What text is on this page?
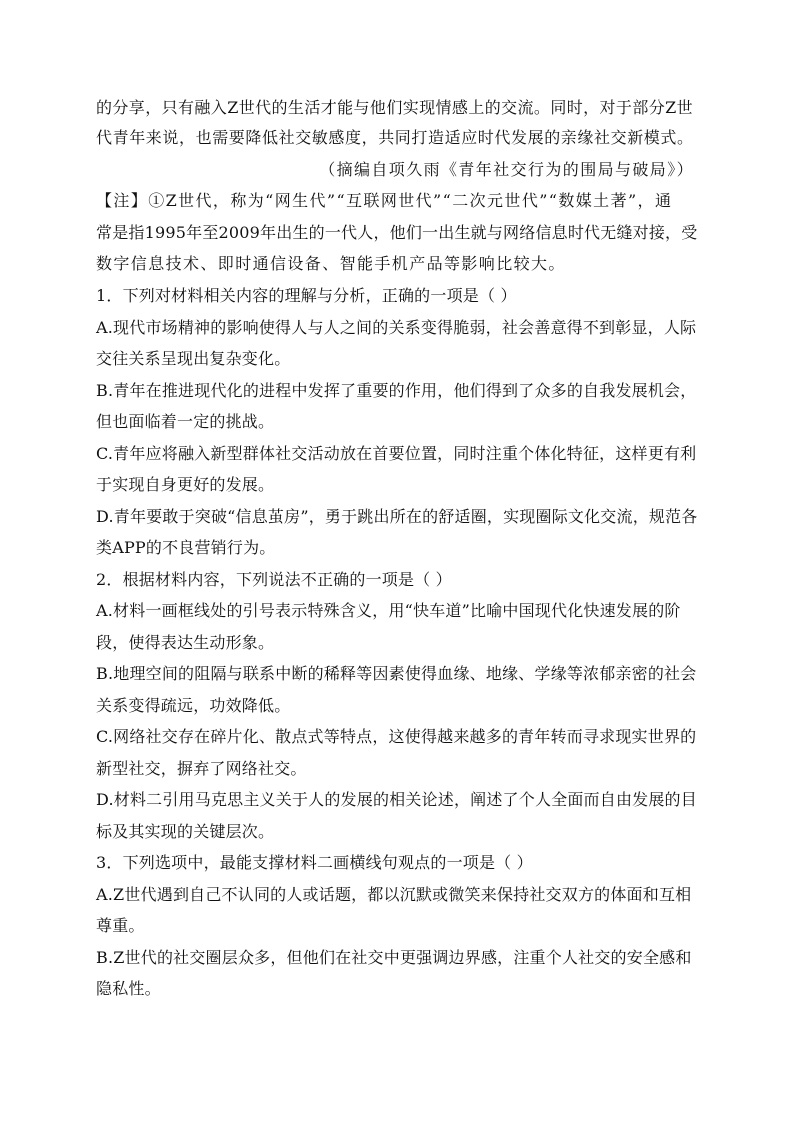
的分享，只有融入Z世代的生活才能与他们实现情感上的交流。同时，对于部分Z世
代青年来说，也需要降低社交敏感度，共同打造适应时代发展的亲缘社交新模式。
（摘编自项久雨《青年社交行为的围局与破局》）
【注】①Z世代，称为“网生代”“互联网世代”“二次元世代”“数媒土著”，通
常是指1995年至2009年出生的一代人，他们一出生就与网络信息时代无缝对接，受
数字信息技术、即时通信设备、智能手机产品等影响比较大。
1．下列对材料相关内容的理解与分析，正确的一项是（ ）
A.现代市场精神的影响使得人与人之间的关系变得脆弱，社会善意得不到彰显，人际
交往关系呈现出复杂变化。
B.青年在推进现代化的进程中发挥了重要的作用，他们得到了众多的自我发展机会，
但也面临着一定的挑战。
C.青年应将融入新型群体社交活动放在首要位置，同时注重个体化特征，这样更有利
于实现自身更好的发展。
D.青年要敢于突破“信息茧房”，勇于跳出所在的舒适圈，实现圈际文化交流，规范各
类APP的不良营销行为。
2．根据材料内容，下列说法不正确的一项是（ ）
A.材料一画框线处的引号表示特殊含义，用“快车道”比喻中国现代化快速发展的阶
段，使得表达生动形象。
B.地理空间的阻隔与联系中断的稀释等因素使得血缘、地缘、学缘等浓郁亲密的社会
关系变得疏远，功效降低。
C.网络社交存在碎片化、散点式等特点，这使得越来越多的青年转而寻求现实世界的
新型社交，摒弃了网络社交。
D.材料二引用马克思主义关于人的发展的相关论述，阐述了个人全面而自由发展的目
标及其实现的关键层次。
3．下列选项中，最能支撑材料二画横线句观点的一项是（ ）
A.Z世代遇到自己不认同的人或话题，都以沉默或微笑来保持社交双方的体面和互相
尊重。
B.Z世代的社交圈层众多，但他们在社交中更强调边界感，注重个人社交的安全感和
隐私性。
